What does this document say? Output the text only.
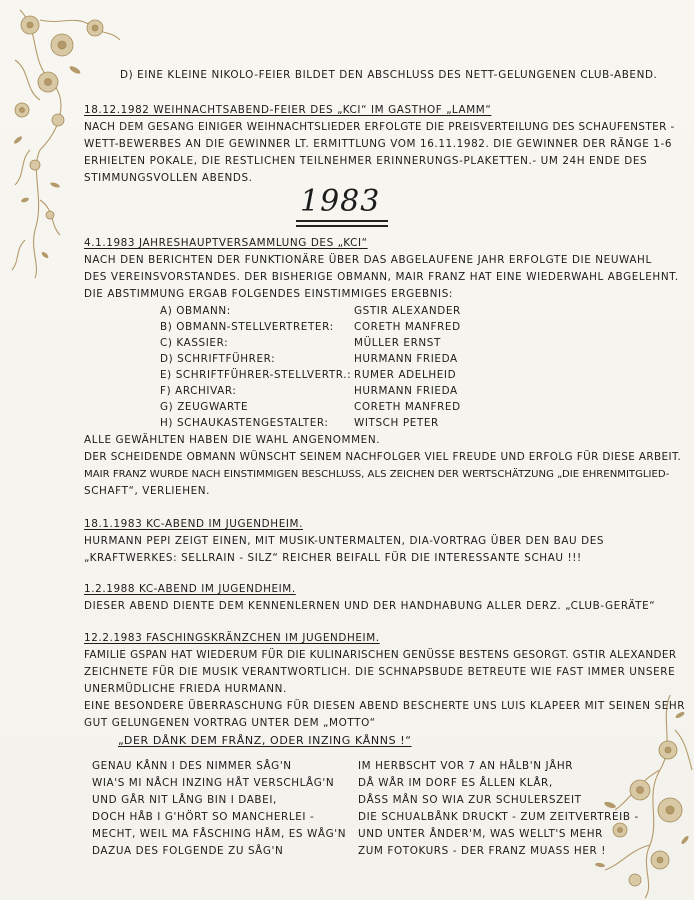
D) EINE KLEINE NIKOLO-FEIER BILDET DEN ABSCHLUSS DES NETT-GELUNGENEN CLUB-ABEND.
18.12.1982 WEIHNACHTSABEND-FEIER DES „KCI“ IM GASTHOF „LAMM“
NACH DEM GESANG EINIGER WEIHNACHTSLIEDER ERFOLGTE DIE PREISVERTEILUNG DES SCHAUFENSTER -
WETT-BEWERBES AN DIE GEWINNER LT. ERMITTLUNG VOM 16.11.1982. DIE GEWINNER DER RÄNGE 1-6
ERHIELTEN POKALE, DIE RESTLICHEN TEILNEHMER ERINNERUNGS-PLAKETTEN.- UM 24H ENDE DES
STIMMUNGSVOLLEN ABENDS.
1983
4.1.1983 JAHRESHAUPTVERSAMMLUNG DES „KCI“
NACH DEN BERICHTEN DER FUNKTIONÄRE ÜBER DAS ABGELAUFENE JAHR ERFOLGTE DIE NEUWAHL
DES VEREINSVORSTANDES. DER BISHERIGE OBMANN, MAIR FRANZ HAT EINE WIEDERWAHL ABGELEHNT.
DIE ABSTIMMUNG ERGAB FOLGENDES EINSTIMMIGES ERGEBNIS:
A) OBMANN:	GSTIR ALEXANDER
B) OBMANN-STELLVERTRETER: CORETH MANFRED
C) KASSIER:	MÜLLER ERNST
D) SCHRIFTFÜHRER:	HURMANN FRIEDA
E) SCHRIFTFÜHRER-STELLVERTR.: RUMER ADELHEID
F) ARCHIVAR:	HURMANN FRIEDA
G) ZEUGWARTE	CORETH MANFRED
H) SCHAUKASTENGESTALTER: WITSCH PETER
ALLE GEWÄHLTEN HABEN DIE WAHL ANGENOMMEN.
DER SCHEIDENDE OBMANN WÜNSCHT SEINEM NACHFOLGER VIEL FREUDE UND ERFOLG FÜR DIESE ARBEIT.
MAIR FRANZ WURDE NACH EINSTIMMIGEN BESCHLUSS, ALS ZEICHEN DER WERTSCHÄTZUNG „DIE EHRENMITGLIED-
SCHAFT“, VERLIEHEN.
18.1.1983 KC-ABEND IM JUGENDHEIM.
HURMANN PEPI ZEIGT EINEN, MIT MUSIK-UNTERMALTEN, DIA-VORTRAG ÜBER DEN BAU DES
„KRAFTWERKES: SELLRAIN - SILZ“ REICHER BEIFALL FÜR DIE INTERESSANTE SCHAU !!!
1.2.1988 KC-ABEND IM JUGENDHEIM.
DIESER ABEND DIENTE DEM KENNENLERNEN UND DER HANDHABUNG ALLER DERZ. „CLUB-GERÄTE“
12.2.1983 FASCHINGSKRÄNZCHEN IM JUGENDHEIM.
FAMILIE GSPAN HAT WIEDERUM FÜR DIE KULINARISCHEN GENÜSSE BESTENS GESORGT. GSTIR ALEXANDER
ZEICHNETE FÜR DIE MUSIK VERANTWORTLICH. DIE SCHNAPSBUDE BETREUTE WIE FAST IMMER UNSERE
UNERMÜDLICHE FRIEDA HURMANN.
EINE BESONDERE ÜBERRASCHUNG FÜR DIESEN ABEND BESCHERTE UNS LUIS KLAPEER MIT SEINEN SEHR
GUT GELUNGENEN VORTRAG UNTER DEM „MOTTO“
„DER DÅNK DEM FRÅNZ, ODER INZING KÅNNS !“
GENAU KÅNN I DES NIMMER SÅG'N
WIA'S MI NÅCH INZING HÅT VERSCHLÅG'N
UND GÅR NIT LÅNG BIN I DABEI,
DOCH HÅB I G'HÖRT SO MANCHERLEI -
MECHT, WEIL MA FÅSCHING HÅM, ES WÅG'N
DAZUA DES FOLGENDE ZU SÅG'N
IM HERBSCHT VOR 7 AN HÅLB'N JÅHR
DÅ WÅR IM DORF ES ÅLLEN KLÅR,
DÅSS MÅN SO WIA ZUR SCHULERSZEIT
DIE SCHUALBÅNK DRUCKT - ZUM ZEITVERTREIB -
UND UNTER ÅNDER'M, WAS WELLT'S MEHR
ZUM FOTOKURS - DER FRANZ MUASS HER !
